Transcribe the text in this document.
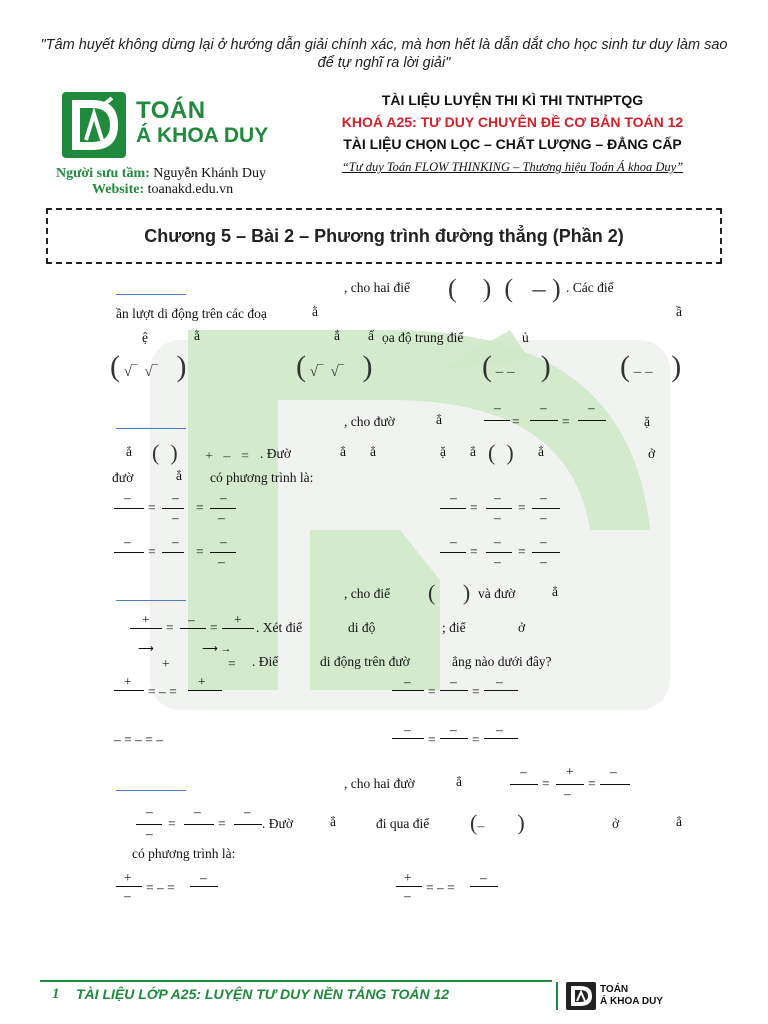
"Tâm huyết không dừng lại ở hướng dẫn giải chính xác, mà hơn hết là dẫn dắt cho học sinh tư duy làm sao để tự nghĩ ra lời giải"
TOÁN
Á KHOA DUY
Người sưu tầm: Nguyễn Khánh Duy
Website: toanakd.edu.vn
TÀI LIỆU LUYỆN THI KÌ THI TNTHPTQG
KHOÁ A25: TƯ DUY CHUYÊN ĐỀ CƠ BẢN TOÁN 12
TÀI LIỆU CHỌN LỌC – CHẤT LƯỢNG – ĐẲNG CẤP
“Tư duy Toán FLOW THINKING – Thương hiệu Toán Á khoa Duy”
Chương 5 – Bài 2 – Phương trình đường thẳng (Phần 2)
, cho hai điể (    )  (   – ) . Các điể
ần lượt di động trên các đoạ	ằ	ầ
ệ	ằ	ắ ấ ọa độ trung điể	ủ
( √‾  √‾   )	( √‾  √‾   )	( – –    ) ( – –   )
, cho đườ	ẳ	=	=
–	–	–
ặ
ẳ (  )     +   –   = . Đườ	ẳ ẳ	ặ ẳ (  ) ẳ	ở
đườ	ẳ có phương trình là:
=	=
–	–	–
–	–
=	=
–	–	–
–	–
=	=
–	–	–
–
=	=
–	–	–
–	–
, cho điể (     ) và đườ	ẳ
+	–	+
=	=	. Xét điể	di độ	; điể	ở
⟶	⟶ →
+	= . Điể	di động trên đườ	ẳng nào dưới đây?
+
= – =
+
=	=
–	–	–
– = – = –	=	=
–	–	–
, cho hai đườ	ẳ	=	=
–	+	–
–
=	=
–	–	–
–
. Đườ	ẳ	đi qua điể (–      )	ở	ẳ
có phương trình là:
+
–
= – =
–	+
–
= – =
–
1 TÀI LIỆU LỚP A25: LUYỆN TƯ DUY NỀN TẢNG TOÁN 12	TOÁN
Á KHOA DUY
